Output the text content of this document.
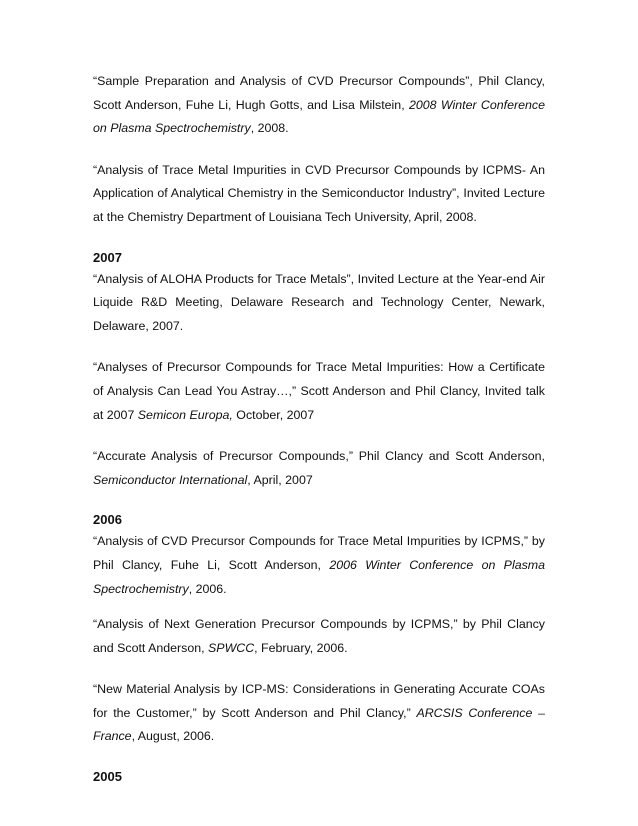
“Sample Preparation and Analysis of CVD Precursor Compounds”, Phil Clancy, Scott Anderson, Fuhe Li, Hugh Gotts, and Lisa Milstein, 2008 Winter Conference on Plasma Spectrochemistry, 2008.

“Analysis of Trace Metal Impurities in CVD Precursor Compounds by ICPMS- An Application of Analytical Chemistry in the Semiconductor Industry”, Invited Lecture at the Chemistry Department of Louisiana Tech University, April, 2008.

2007

“Analysis of ALOHA Products for Trace Metals”, Invited Lecture at the Year-end Air Liquide R&D Meeting, Delaware Research and Technology Center, Newark, Delaware, 2007.

“Analyses of Precursor Compounds for Trace Metal Impurities: How a Certificate of Analysis Can Lead You Astray…,” Scott Anderson and Phil Clancy, Invited talk at 2007 Semicon Europa, October, 2007

“Accurate Analysis of Precursor Compounds,” Phil Clancy and Scott Anderson, Semiconductor International, April, 2007

2006

“Analysis of CVD Precursor Compounds for Trace Metal Impurities by ICPMS,” by Phil Clancy, Fuhe Li, Scott Anderson, 2006 Winter Conference on Plasma Spectrochemistry, 2006.

“Analysis of Next Generation Precursor Compounds by ICPMS,” by Phil Clancy and Scott Anderson, SPWCC, February, 2006.

“New Material Analysis by ICP-MS: Considerations in Generating Accurate COAs for the Customer,” by Scott Anderson and Phil Clancy,” ARCSIS Conference – France, August, 2006.

2005
